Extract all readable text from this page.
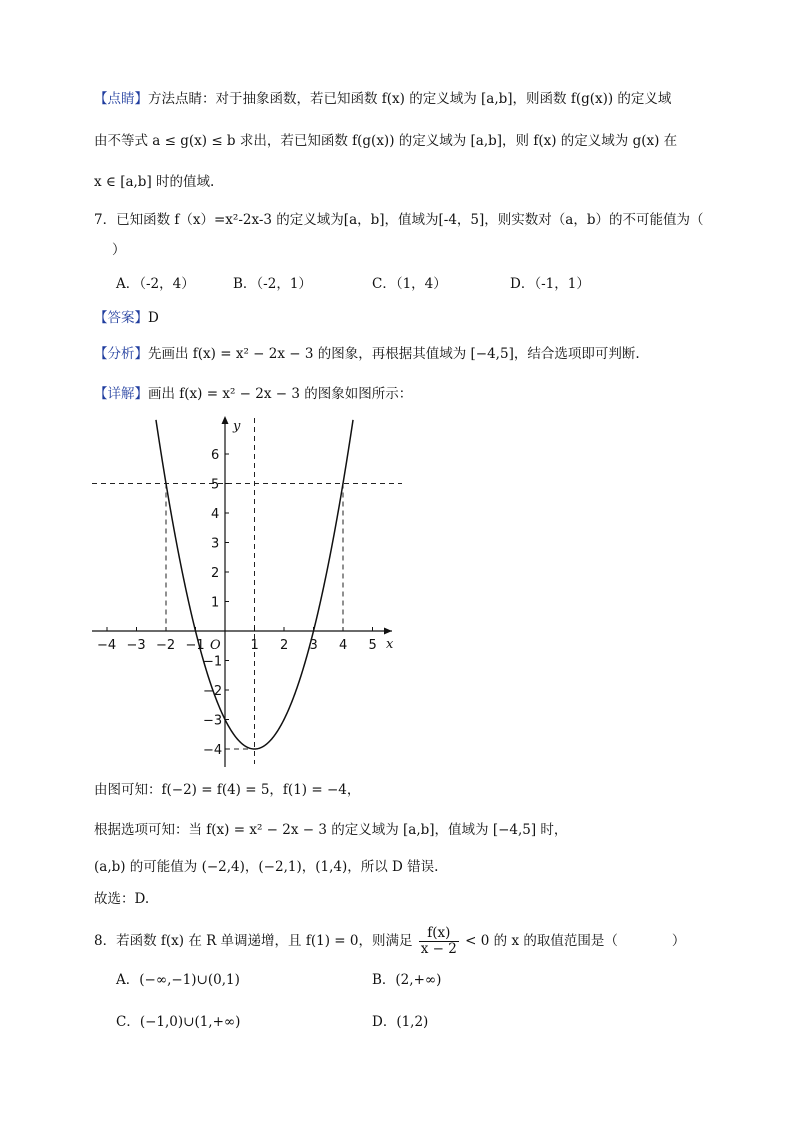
【点睛】方法点睛：对于抽象函数，若已知函数 f(x) 的定义域为 [a,b]，则函数 f(g(x)) 的定义域
由不等式 a ≤ g(x) ≤ b 求出，若已知函数 f(g(x)) 的定义域为 [a,b]，则 f(x) 的定义域为 g(x) 在
x ∈ [a,b] 时的值域.
7．已知函数 f（x）=x²-2x-3 的定义域为[a，b]，值域为[-4，5]，则实数对（a，b）的不可能值为（
）
A．（-2，4）	B．（-2，1）	C．（1，4）	D．（-1，1）
【答案】D
【分析】先画出 f(x) = x² − 2x − 3 的图象，再根据其值域为 [−4,5]，结合选项即可判断.
【详解】画出 f(x) = x² − 2x − 3 的图象如图所示：
−4 −3 −2 −1	1 2 3 4 5
−4
−3
−2
−1
1
2
3
4
5
6
O	x
y
由图可知：f(−2) = f(4) = 5，f(1) = −4，
根据选项可知：当 f(x) = x² − 2x − 3 的定义域为 [a,b]，值域为 [−4,5] 时，
(a,b) 的可能值为 (−2,4)，(−2,1)，(1,4)，所以 D 错误.
故选：D.
8．若函数 f(x) 在 R 单调递增，且 f(1) = 0，则满足 $\frac{f(x)}{x - 2} < 0$ 的 x 的取值范围是（　　　　）
A．(−∞,−1)∪(0,1)	B．(2,+∞)
C．(−1,0)∪(1,+∞)	D．(1,2)
